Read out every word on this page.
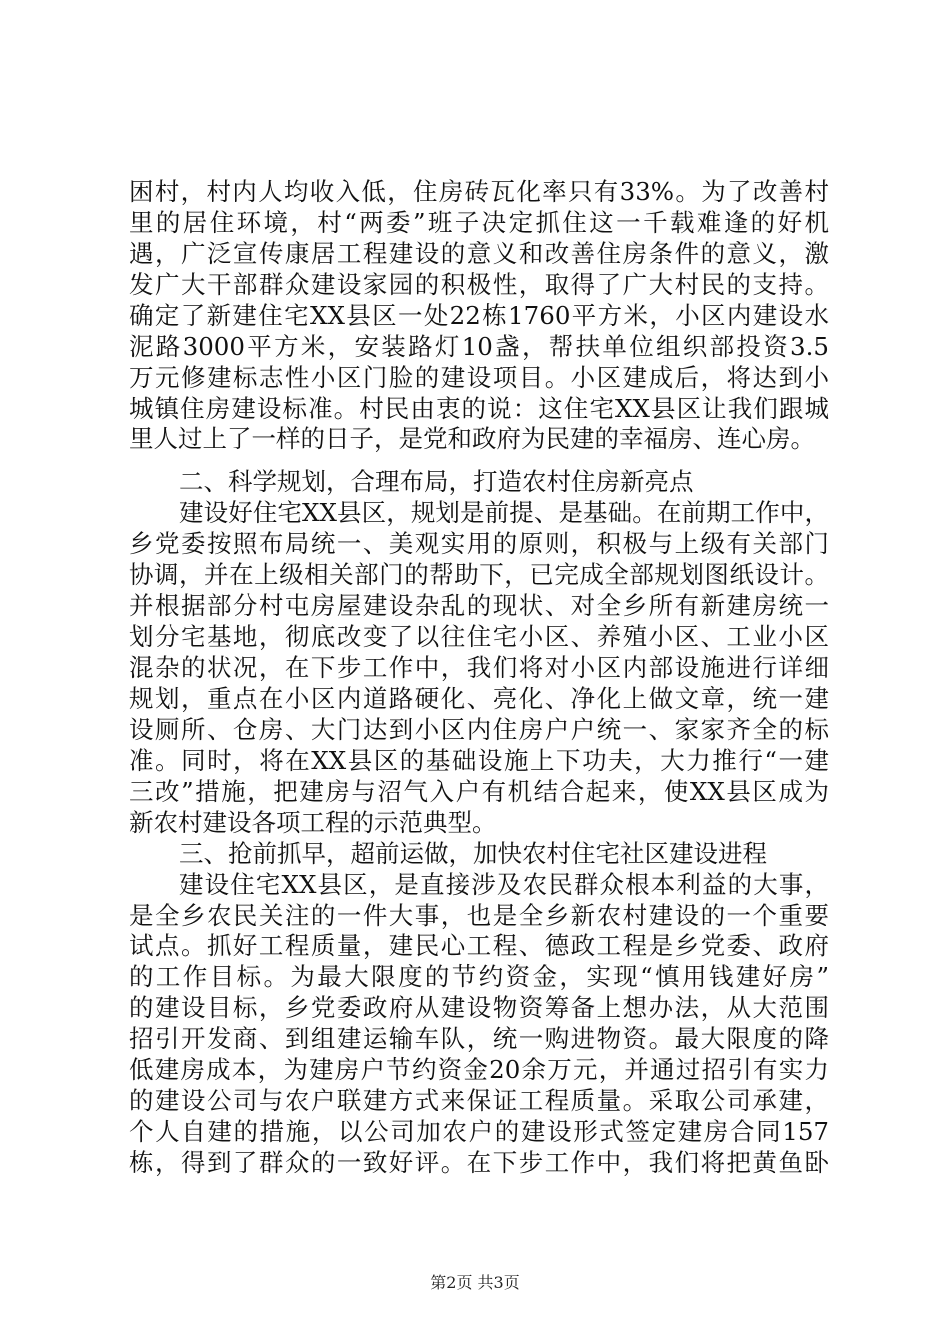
困村，村内人均收入低，住房砖瓦化率只有33%。为了改善村
里的居住环境，村“两委”班子决定抓住这一千载难逢的好机
遇，广泛宣传康居工程建设的意义和改善住房条件的意义，激
发广大干部群众建设家园的积极性，取得了广大村民的支持。
确定了新建住宅XX县区一处22栋1760平方米，小区内建设水
泥路3000平方米，安装路灯10盏，帮扶单位组织部投资3.5
万元修建标志性小区门脸的建设项目。小区建成后，将达到小
城镇住房建设标准。村民由衷的说：这住宅XX县区让我们跟城
里人过上了一样的日子，是党和政府为民建的幸福房、连心房。
二、科学规划，合理布局，打造农村住房新亮点
建设好住宅XX县区，规划是前提、是基础。在前期工作中，
乡党委按照布局统一、美观实用的原则，积极与上级有关部门
协调，并在上级相关部门的帮助下，已完成全部规划图纸设计。
并根据部分村屯房屋建设杂乱的现状、对全乡所有新建房统一
划分宅基地，彻底改变了以往住宅小区、养殖小区、工业小区
混杂的状况，在下步工作中，我们将对小区内部设施进行详细
规划，重点在小区内道路硬化、亮化、净化上做文章，统一建
设厕所、仓房、大门达到小区内住房户户统一、家家齐全的标
准。同时，将在XX县区的基础设施上下功夫，大力推行“一建
三改”措施，把建房与沼气入户有机结合起来，使XX县区成为
新农村建设各项工程的示范典型。
三、抢前抓早，超前运做，加快农村住宅社区建设进程
建设住宅XX县区，是直接涉及农民群众根本利益的大事，
是全乡农民关注的一件大事，也是全乡新农村建设的一个重要
试点。抓好工程质量，建民心工程、德政工程是乡党委、政府
的工作目标。为最大限度的节约资金，实现“慎用钱建好房”
的建设目标，乡党委政府从建设物资筹备上想办法，从大范围
招引开发商、到组建运输车队，统一购进物资。最大限度的降
低建房成本，为建房户节约资金20余万元，并通过招引有实力
的建设公司与农户联建方式来保证工程质量。采取公司承建，
个人自建的措施，以公司加农户的建设形式签定建房合同157
栋，得到了群众的一致好评。在下步工作中，我们将把黄鱼卧
第2页 共3页
